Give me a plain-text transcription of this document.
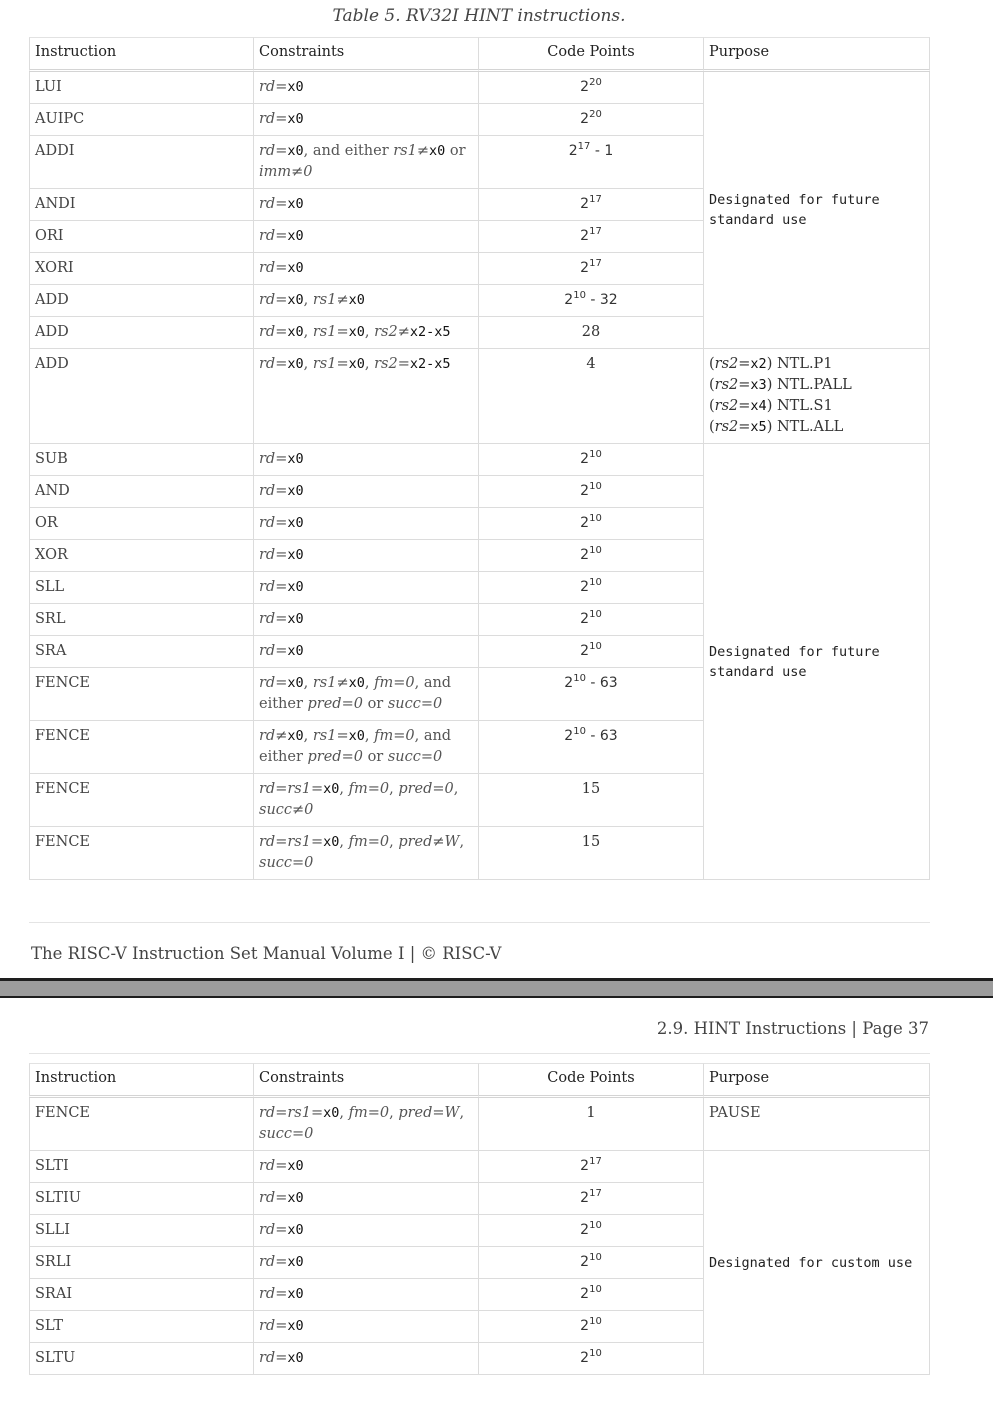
Table 5. RV32I HINT instructions.
Instruction	Constraints	Code Points	Purpose
LUI	rd=x0	$2^{20}$	Designated for future standard use

AUIPC	rd=x0	$2^{20}$
ADDI	rd=x0, and either rs1≠x0 or imm≠0	$2^{17} - 1$	
ANDI	rd=x0	$2^{17}$
ORI	rd=x0	$2^{17}$
XORI	rd=x0	$2^{17}$
ADD	rd=x0, rs1≠x0	$2^{10} - 32$	
ADD	rd=x0, rs1=x0, rs2≠x2-x5	28	
ADD	rd=x0, rs1=x0, rs2=x2-x5	4	(rs2=x2) NTL.P1
(rs2=x3) NTL.PALL
(rs2=x4) NTL.S1
(rs2=x5) NTL.ALL

SUB	rd=x0	$2^{10}$	Designated for future standard use

AND	rd=x0	$2^{10}$
OR	rd=x0	$2^{10}$
XOR	rd=x0	$2^{10}$
SLL	rd=x0	$2^{10}$
SRL	rd=x0	$2^{10}$
SRA	rd=x0	$2^{10}$
FENCE	rd=x0, rs1≠x0, fm=0, and either pred=0 or succ=0	$2^{10} - 63$	
FENCE	rd≠x0, rs1=x0, fm=0, and either pred=0 or succ=0	$2^{10} - 63$	
FENCE	rd=rs1=x0, fm=0, pred=0, succ≠0	15	
FENCE	rd=rs1=x0, fm=0, pred≠W, succ=0	15	
The RISC-V Instruction Set Manual Volume I | © RISC-V
2.9. HINT Instructions | Page 37
Instruction	Constraints	Code Points	Purpose
FENCE	rd=rs1=x0, fm=0, pred=W, succ=0	1	PAUSE
SLTI	rd=x0	$2^{17}$	Designated for custom use

SLTIU	rd=x0	$2^{17}$
SLLI	rd=x0	$2^{10}$
SRLI	rd=x0	$2^{10}$
SRAI	rd=x0	$2^{10}$
SLT	rd=x0	$2^{10}$
SLTU	rd=x0	$2^{10}$
